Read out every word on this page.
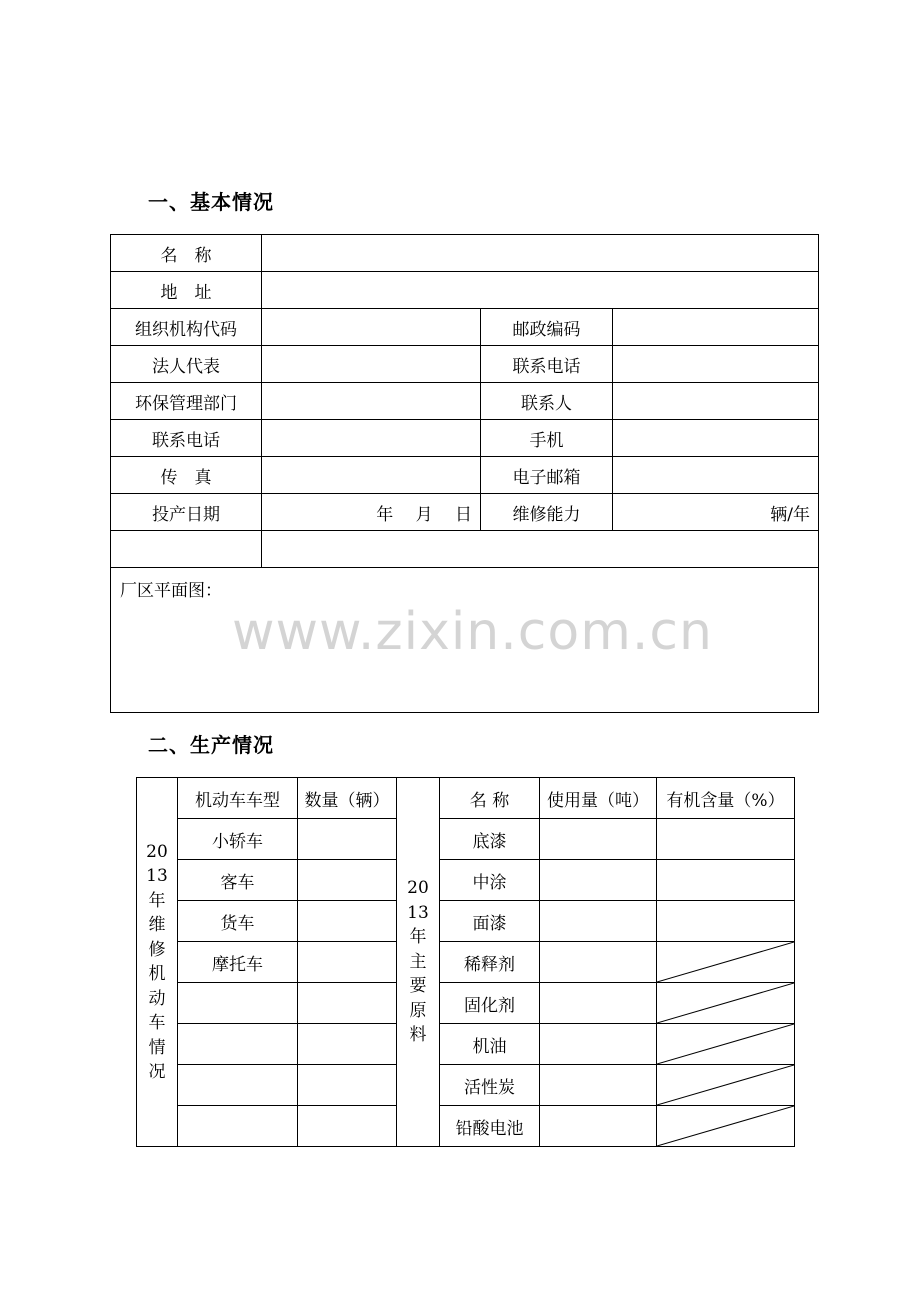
一、基本情况
名　称			
地　址			
组织机构代码		邮政编码	
法人代表		联系电话	
环保管理部门		联系人	
联系电话		手机	
传　真		电子邮箱	
投产日期	年　 月　 日	维修能力	辆/年

厂区平面图：			
www.zixin.com.cn
二、生产情况
2013年维修机动车情况	机动车车型	数量（辆）	2013年主要原料	名 称	使用量（吨）	有机含量（%）
	小轿车			底漆		
	客车			中涂		
	货车			面漆		
	摩托车			稀释剂		

				固化剂		

				机油		

				活性炭		

				铅酸电池		
